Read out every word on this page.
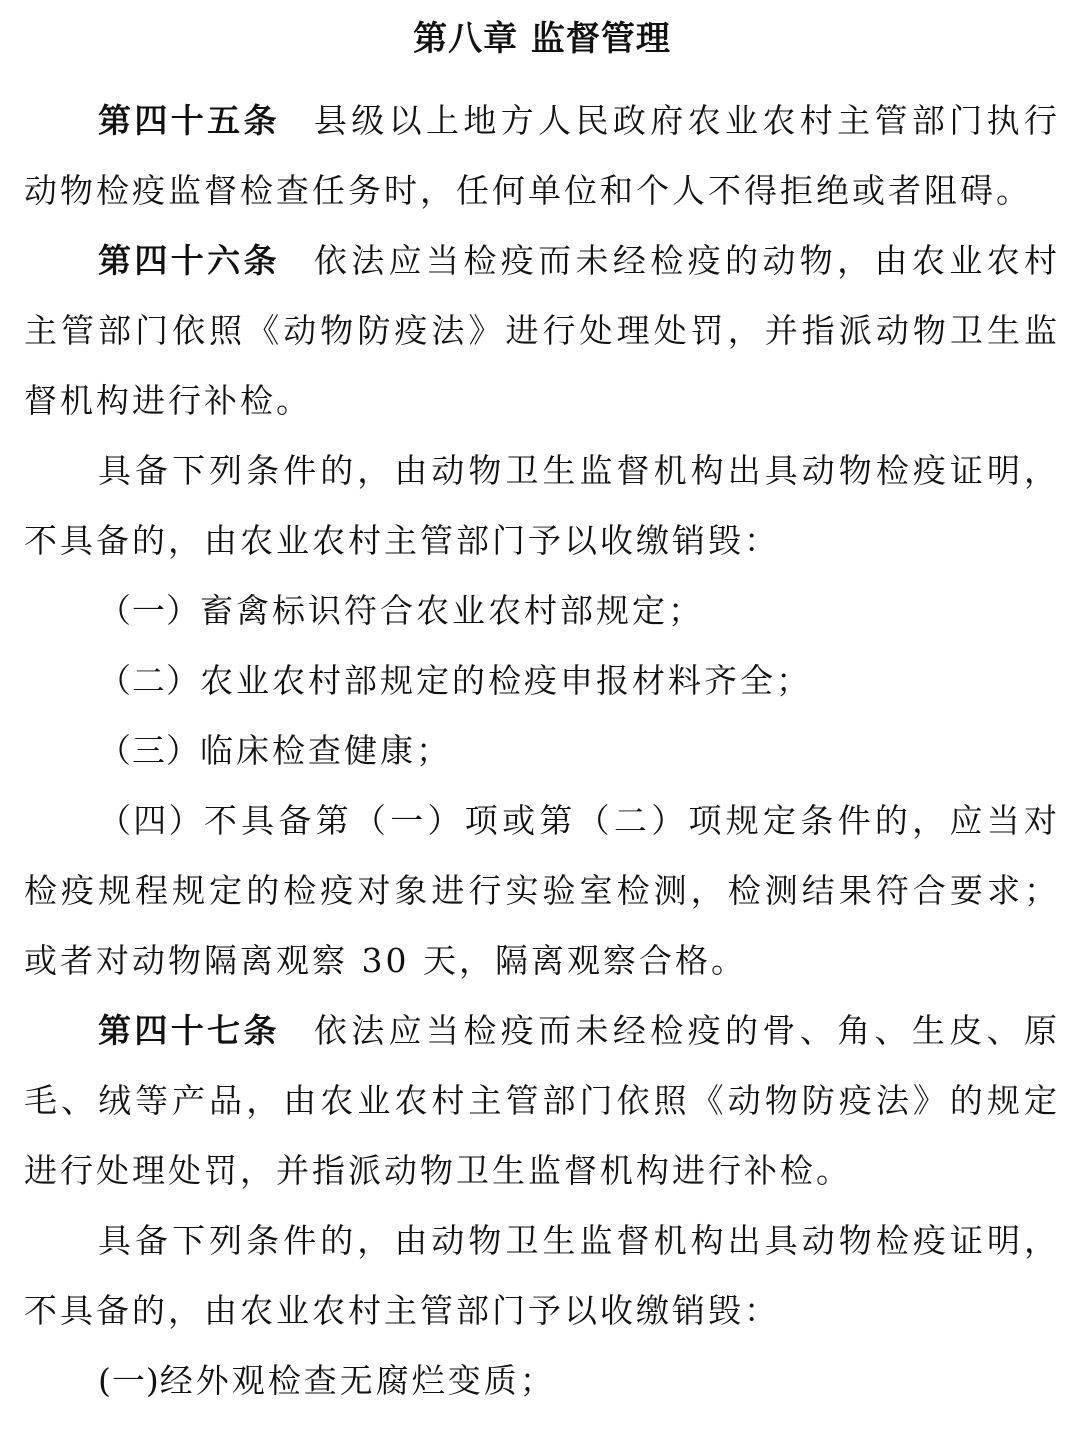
第八章 监督管理

第四十五条 县级以上地方人民政府农业农村主管部门执行动物检疫监督检查任务时，任何单位和个人不得拒绝或者阻碍。

第四十六条 依法应当检疫而未经检疫的动物，由农业农村主管部门依照《动物防疫法》进行处理处罚，并指派动物卫生监督机构进行补检。

具备下列条件的，由动物卫生监督机构出具动物检疫证明，不具备的，由农业农村主管部门予以收缴销毁：

（一）畜禽标识符合农业农村部规定；

（二）农业农村部规定的检疫申报材料齐全；

（三）临床检查健康；

（四）不具备第（一）项或第（二）项规定条件的，应当对检疫规程规定的检疫对象进行实验室检测，检测结果符合要求；或者对动物隔离观察 30 天，隔离观察合格。

第四十七条 依法应当检疫而未经检疫的骨、角、生皮、原毛、绒等产品，由农业农村主管部门依照《动物防疫法》的规定进行处理处罚，并指派动物卫生监督机构进行补检。

具备下列条件的，由动物卫生监督机构出具动物检疫证明，不具备的，由农业农村主管部门予以收缴销毁：

(一)经外观检查无腐烂变质；
